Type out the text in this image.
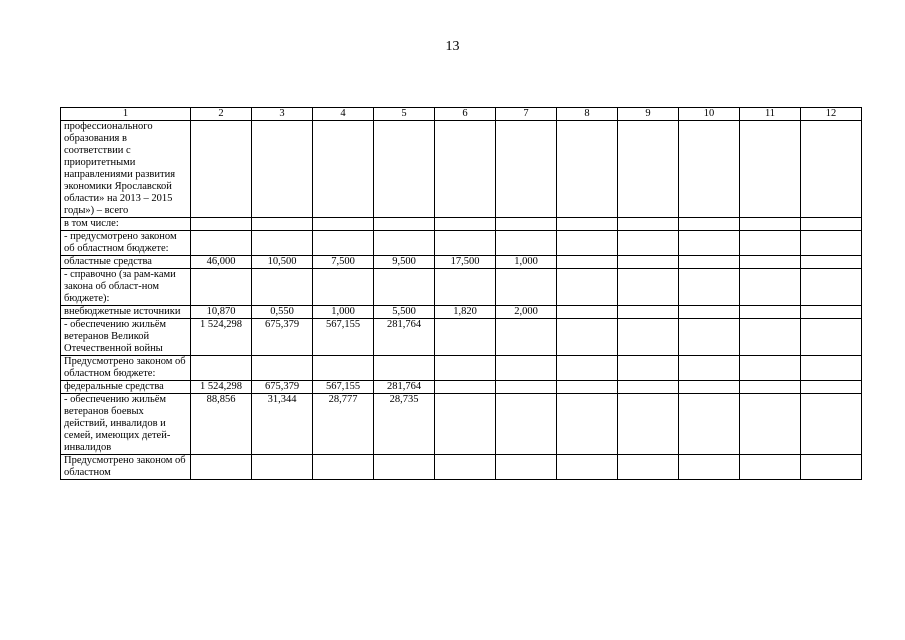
13
1	2	3	4	5	6	7	8	9	10	11	12
профессионального образования в соответствии с приоритетными направлениями развития экономики Ярославской области» на 2013 – 2015 годы») – всего											
в том числе:											
- предусмотрено законом об областном бюджете:											
областные средства	46,000	10,500	7,500	9,500	17,500	1,000					
- справочно (за рам-ками закона об област-ном бюджете):											
внебюджетные источники	10,870	0,550	1,000	5,500	1,820	2,000					
- обеспечению жильём ветеранов Великой Отечественной войны	1 524,298	675,379	567,155	281,764							
Предусмотрено законом об областном бюджете:											
федеральные средства	1 524,298	675,379	567,155	281,764							
- обеспечению жильём ветеранов боевых действий, инвалидов и семей, имеющих детей-инвалидов	88,856	31,344	28,777	28,735							
Предусмотрено законом об областном											
